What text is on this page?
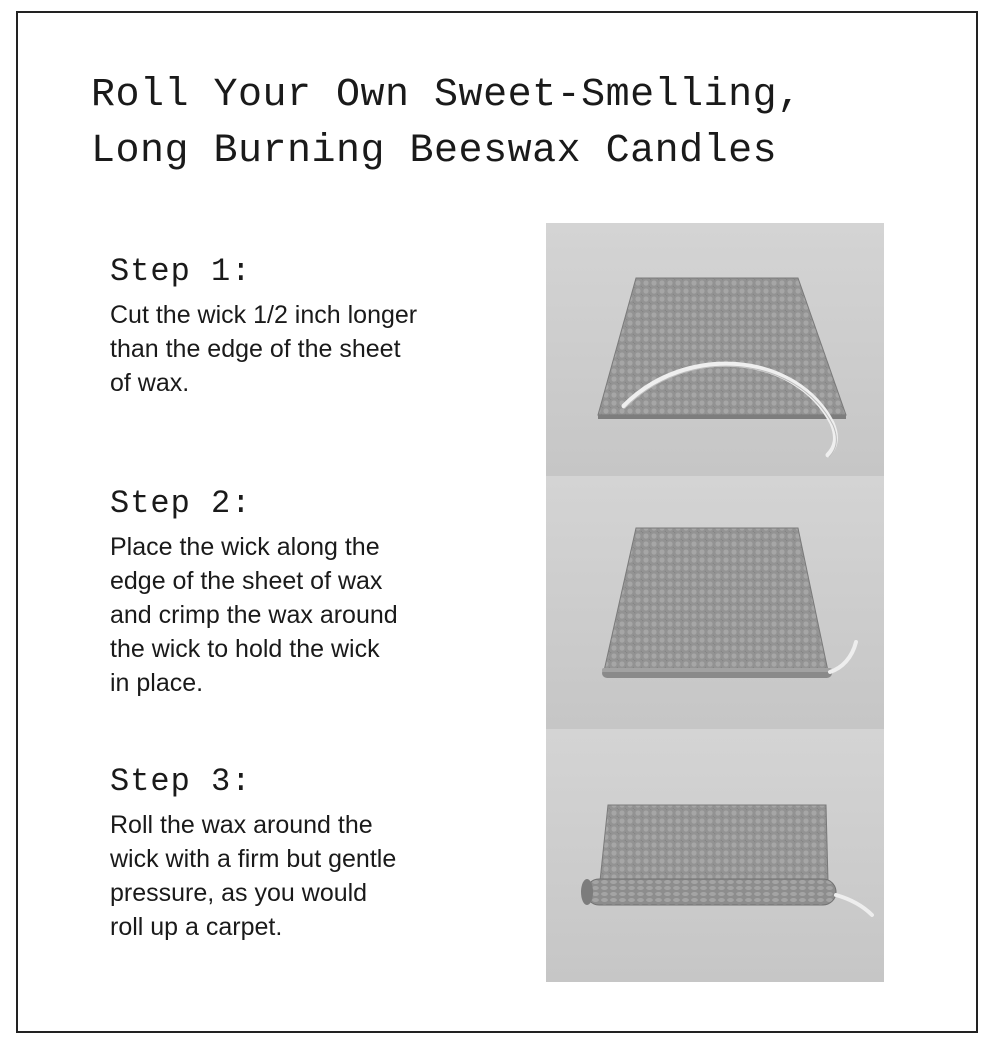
Roll Your Own Sweet-Smelling,
Long Burning Beeswax Candles
Step 1:

Cut the wick 1/2 inch longer
than the edge of the sheet
of wax.

Step 2:

Place the wick along the
edge of the sheet of wax
and crimp the wax around
the wick to hold the wick
in place.

Step 3:

Roll the wax around the
wick with a firm but gentle
pressure, as you would
roll up a carpet.
